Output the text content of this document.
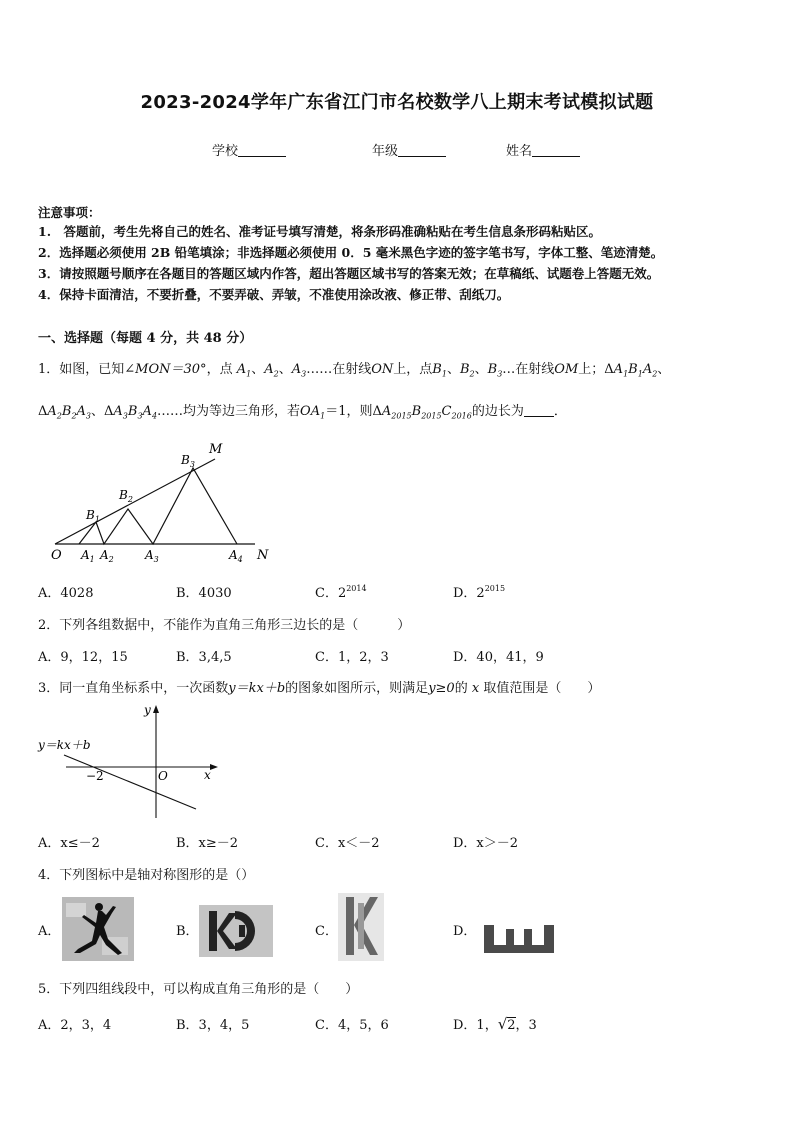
2023-2024学年广东省江门市名校数学八上期末考试模拟试题
学校	年级	姓名
注意事项：
1.　答题前，考生先将自己的姓名、准考证号填写清楚，将条形码准确粘贴在考生信息条形码粘贴区。
2．选择题必须使用 2B 铅笔填涂；非选择题必须使用 0．5 毫米黑色字迹的签字笔书写，字体工整、笔迹清楚。
3．请按照题号顺序在各题目的答题区域内作答，超出答题区域书写的答案无效；在草稿纸、试题卷上答题无效。
4．保持卡面清洁，不要折叠，不要弄破、弄皱，不准使用涂改液、修正带、刮纸刀。
一、选择题（每题 4 分，共 48 分）
1．如图，已知∠MON＝30°，点 $A_1$、$A_2$、$A_3\dots\dots$在射线ON上，点$B_1$、$B_2$、$B_3\dots$在射线OM上；$\Delta A_1B_1A_2$、
$\Delta A_2B_2A_3$、$\Delta A_3B_3A_4\dots\dots$均为等边三角形，若$OA_1=1$，则$\Delta A_{2015}B_{2015}C_{2016}$的边长为 ．
O	N
M
$A_1$ $A_2$	$A_3$	$A_4$
$B_1$
$B_2$
$B_3$
A．4028	B．4030	C．$2^{2014}$	D．$2^{2015}$
2．下列各组数据中，不能作为直角三角形三边长的是（　　　）
A．9，12，15	B．3,4,5	C．1，2，3	D．40，41，9
3．同一直角坐标系中，一次函数y＝kx＋b的图象如图所示，则满足y≥0的 x 取值范围是（　　）
y＝kx＋b
y
x
O
−2
A．x≤－2	B．x≥－2	C．x＜－2	D．x＞－2
4．下列图标中是轴对称图形的是（）
A．	B．	C．	D．
5．下列四组线段中，可以构成直角三角形的是（　　）
A．2，3，4	B．3，4，5	C．4，5，6	D．1，√2，3
